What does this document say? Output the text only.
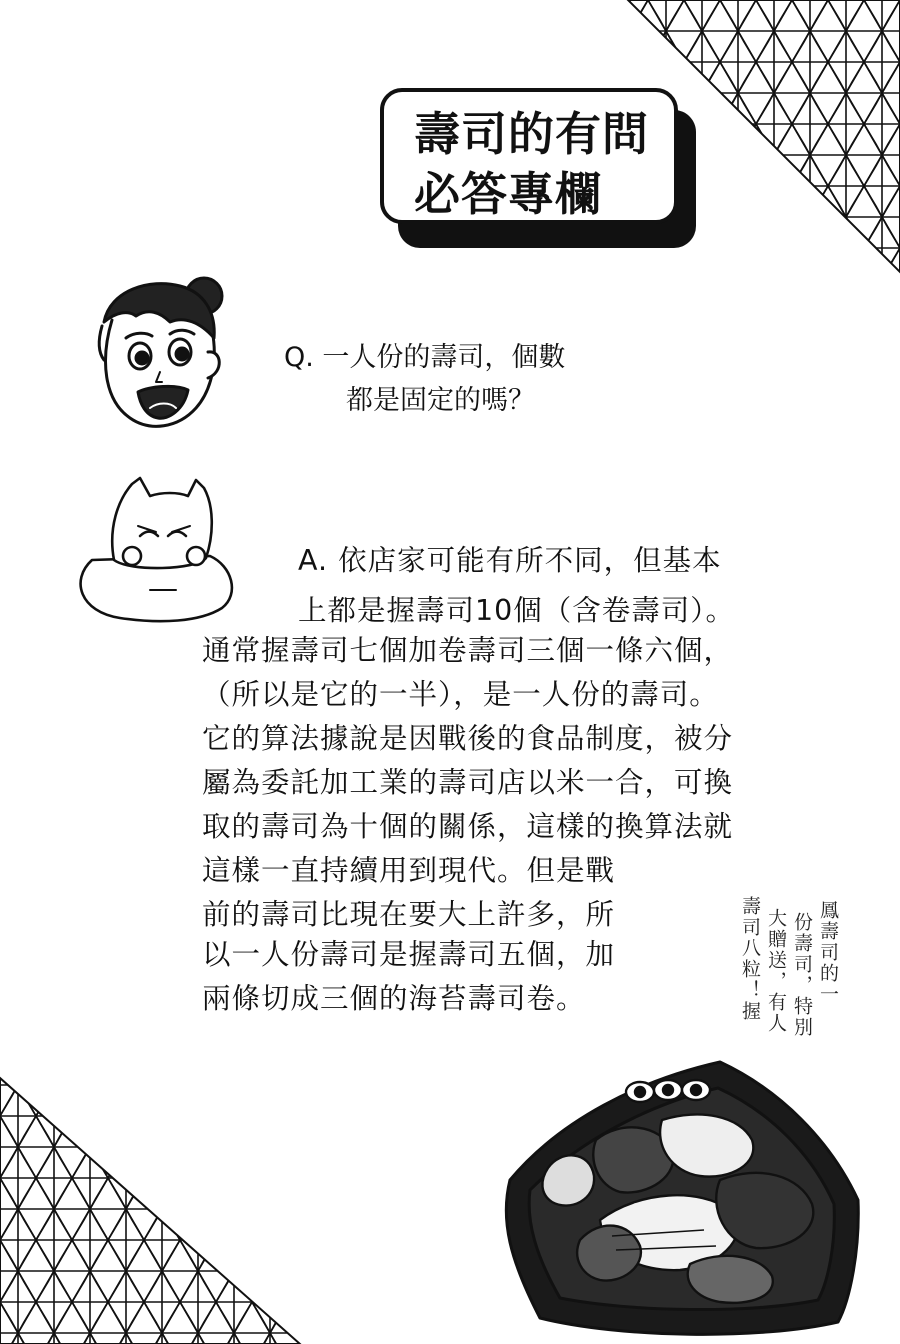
壽司的有問
必答專欄
Q. 一人份的壽司，個數
都是固定的嗎？
A. 依店家可能有所不同，但基本
上都是握壽司10個（含卷壽司）。
通常握壽司七個加卷壽司三個一條六個，
（所以是它的一半），是一人份的壽司。
它的算法據說是因戰後的食品制度，被分
屬為委託加工業的壽司店以米一合，可換
取的壽司為十個的關係，這樣的換算法就
這樣一直持續用到現代。但是戰
前的壽司比現在要大上許多，所
以一人份壽司是握壽司五個，加
兩條切成三個的海苔壽司卷。	鳳壽司的一
份壽司，特別
大贈送，有人
壽司八粒！握
